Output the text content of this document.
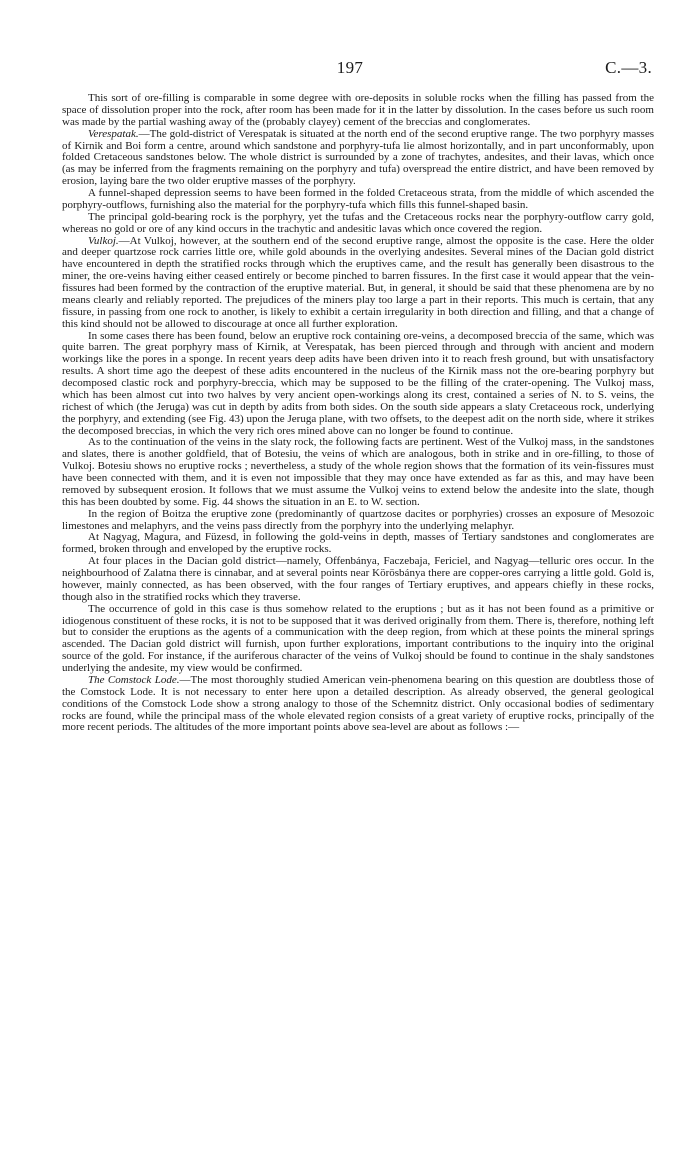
197	C.—3.

This sort of ore-filling is comparable in some degree with ore-deposits in soluble rocks when the filling has passed from the space of dissolution proper into the rock, after room has been made for it in the latter by dissolution. In the cases before us such room was made by the partial washing away of the (probably clayey) cement of the breccias and conglomerates.

Verespatak.—The gold-district of Verespatak is situated at the north end of the second eruptive range. The two porphyry masses of Kirnik and Boi form a centre, around which sandstone and porphyry-tufa lie almost horizontally, and in part unconformably, upon folded Cretaceous sandstones below. The whole district is surrounded by a zone of trachytes, andesites, and their lavas, which once (as may be inferred from the fragments remaining on the porphyry and tufa) overspread the entire district, and have been removed by erosion, laying bare the two older eruptive masses of the porphyry.

A funnel-shaped depression seems to have been formed in the folded Cretaceous strata, from the middle of which ascended the porphyry-outflows, furnishing also the material for the porphyry-tufa which fills this funnel-shaped basin.

The principal gold-bearing rock is the porphyry, yet the tufas and the Cretaceous rocks near the porphyry-outflow carry gold, whereas no gold or ore of any kind occurs in the trachytic and andesitic lavas which once covered the region.

Vulkoj.—At Vulkoj, however, at the southern end of the second eruptive range, almost the opposite is the case. Here the older and deeper quartzose rock carries little ore, while gold abounds in the overlying andesites. Several mines of the Dacian gold district have encountered in depth the stratified rocks through which the eruptives came, and the result has generally been disastrous to the miner, the ore-veins having either ceased entirely or become pinched to barren fissures. In the first case it would appear that the vein-fissures had been formed by the contraction of the eruptive material. But, in general, it should be said that these phenomena are by no means clearly and reliably reported. The prejudices of the miners play too large a part in their reports. This much is certain, that any fissure, in passing from one rock to another, is likely to exhibit a certain irregularity in both direction and filling, and that a change of this kind should not be allowed to discourage at once all further exploration.

In some cases there has been found, below an eruptive rock containing ore-veins, a decomposed breccia of the same, which was quite barren. The great porphyry mass of Kirnik, at Verespatak, has been pierced through and through with ancient and modern workings like the pores in a sponge. In recent years deep adits have been driven into it to reach fresh ground, but with unsatisfactory results. A short time ago the deepest of these adits encountered in the nucleus of the Kirnik mass not the ore-bearing porphyry but decomposed clastic rock and porphyry-breccia, which may be supposed to be the filling of the crater-opening. The Vulkoj mass, which has been almost cut into two halves by very ancient open-workings along its crest, contained a series of N. to S. veins, the richest of which (the Jeruga) was cut in depth by adits from both sides. On the south side appears a slaty Cretaceous rock, underlying the porphyry, and extending (see Fig. 43) upon the Jeruga plane, with two offsets, to the deepest adit on the north side, where it strikes the decomposed breccias, in which the very rich ores mined above can no longer be found to continue.

As to the continuation of the veins in the slaty rock, the following facts are pertinent. West of the Vulkoj mass, in the sandstones and slates, there is another goldfield, that of Botesiu, the veins of which are analogous, both in strike and in ore-filling, to those of Vulkoj. Botesiu shows no eruptive rocks ; nevertheless, a study of the whole region shows that the formation of its vein-fissures must have been connected with them, and it is even not impossible that they may once have extended as far as this, and may have been removed by subsequent erosion. It follows that we must assume the Vulkoj veins to extend below the andesite into the slate, though this has been doubted by some. Fig. 44 shows the situation in an E. to W. section.

In the region of Boitza the eruptive zone (predominantly of quartzose dacites or porphyries) crosses an exposure of Mesozoic limestones and melaphyrs, and the veins pass directly from the porphyry into the underlying melaphyr.

At Nagyag, Magura, and Füzesd, in following the gold-veins in depth, masses of Tertiary sandstones and conglomerates are formed, broken through and enveloped by the eruptive rocks.

At four places in the Dacian gold district—namely, Offenbánya, Faczebaja, Fericiel, and Nagyag—telluric ores occur. In the neighbourhood of Zalatna there is cinnabar, and at several points near Körösbánya there are copper-ores carrying a little gold. Gold is, however, mainly connected, as has been observed, with the four ranges of Tertiary eruptives, and appears chiefly in these rocks, though also in the stratified rocks which they traverse.

The occurrence of gold in this case is thus somehow related to the eruptions ; but as it has not been found as a primitive or idiogenous constituent of these rocks, it is not to be supposed that it was derived originally from them. There is, therefore, nothing left but to consider the eruptions as the agents of a communication with the deep region, from which at these points the mineral springs ascended. The Dacian gold district will furnish, upon further explorations, important contributions to the inquiry into the original source of the gold. For instance, if the auriferous character of the veins of Vulkoj should be found to continue in the shaly sandstones underlying the andesite, my view would be confirmed.

The Comstock Lode.—The most thoroughly studied American vein-phenomena bearing on this question are doubtless those of the Comstock Lode. It is not necessary to enter here upon a detailed description. As already observed, the general geological conditions of the Comstock Lode show a strong analogy to those of the Schemnitz district. Only occasional bodies of sedimentary rocks are found, while the principal mass of the whole elevated region consists of a great variety of eruptive rocks, principally of the more recent periods. The altitudes of the more important points above sea-level are about as follows :—
